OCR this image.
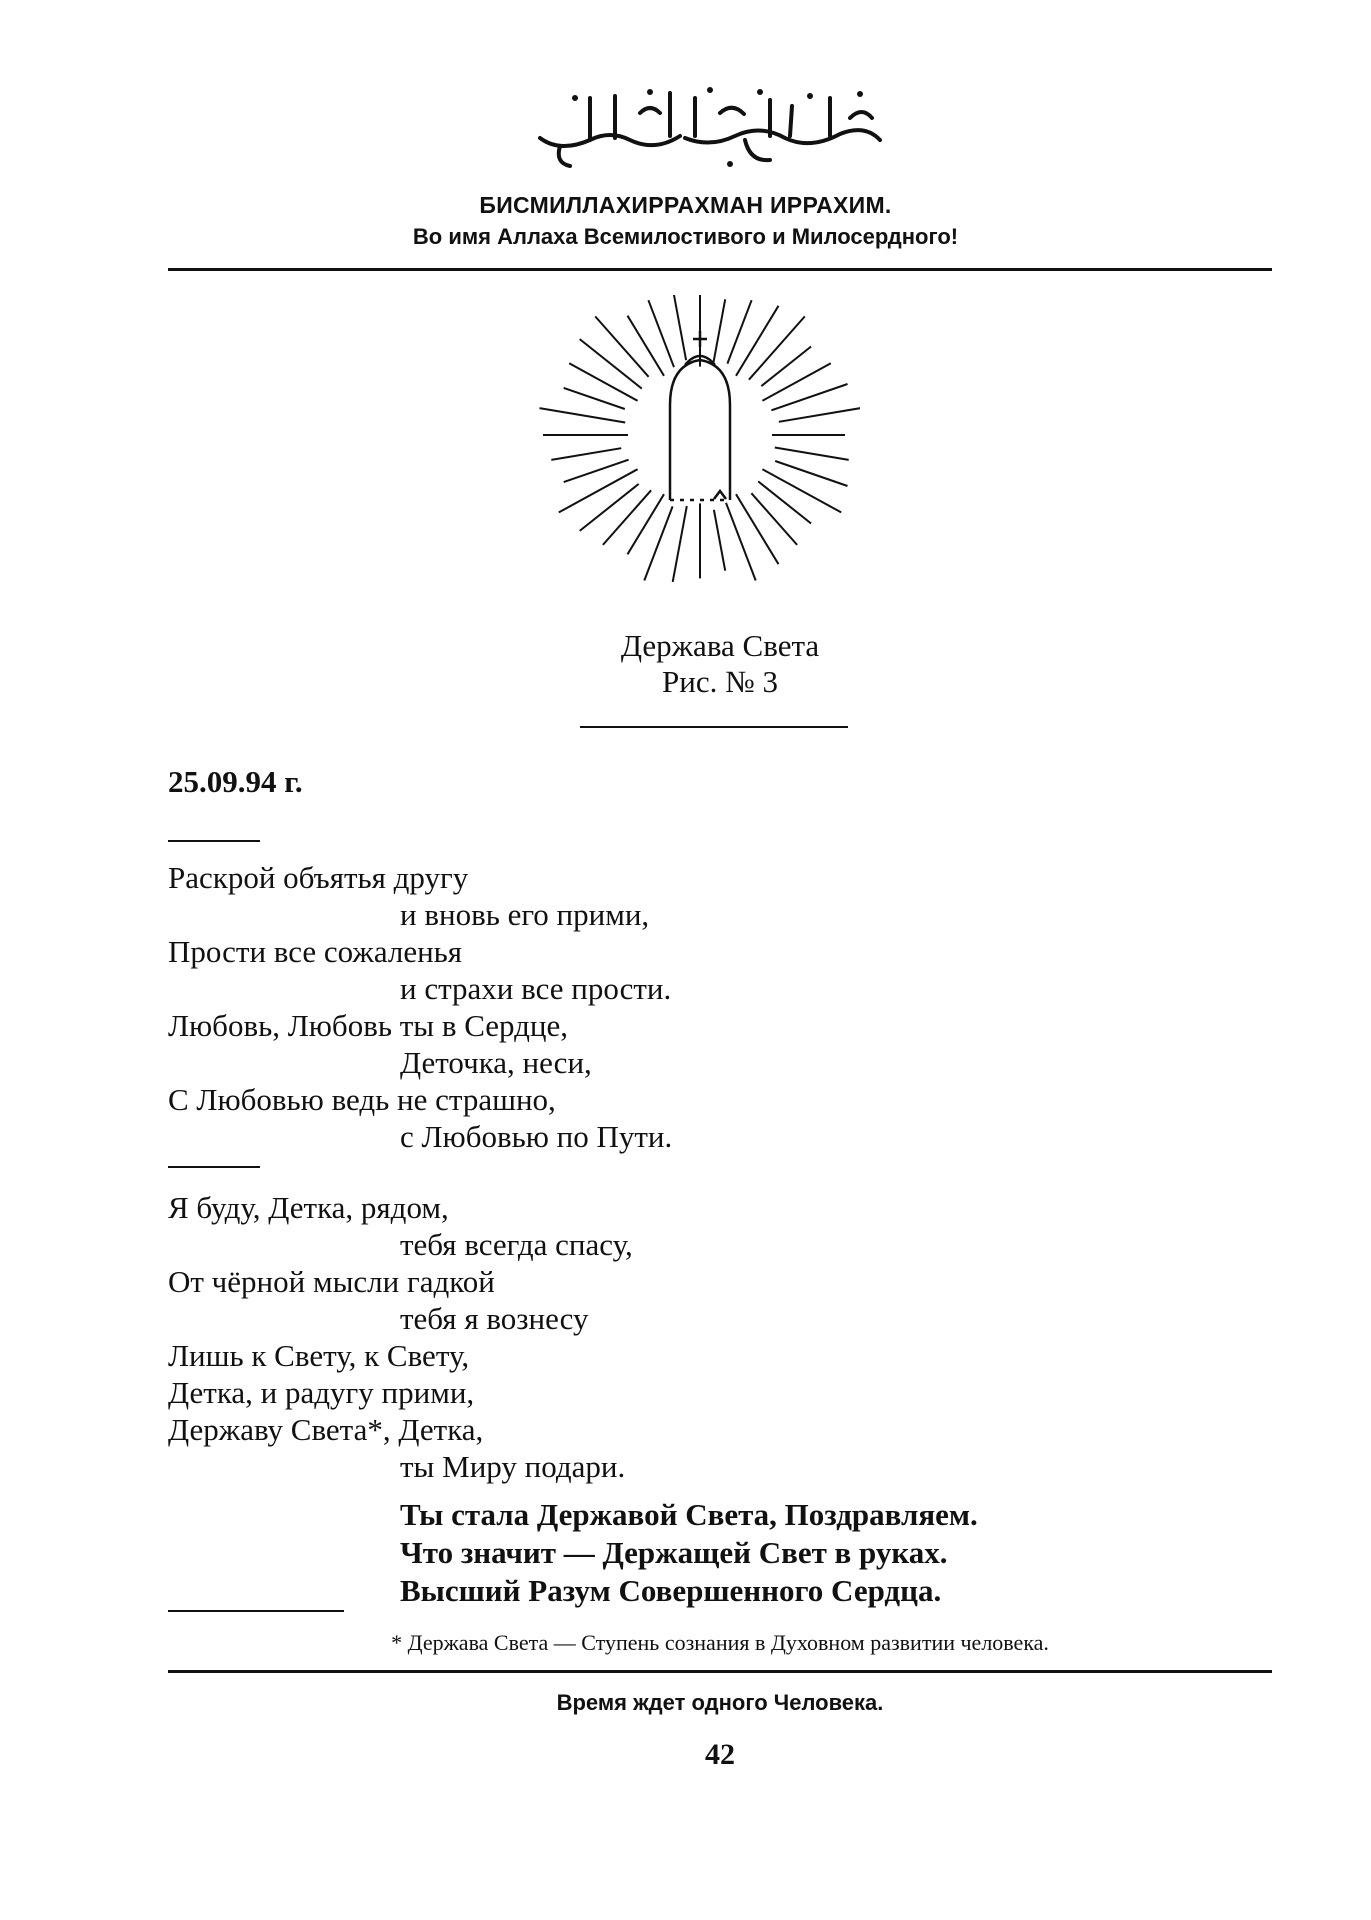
БИСМИЛЛАХИРРАХМАН ИРРАХИМ.
Во имя Аллаха Всемилостивого и Милосердного!
Держава Света
Рис. № 3
25.09.94 г.
Раскрой объятья другу
и вновь его прими,
Прости все сожаленья
и страхи все прости.
Любовь, Любовь ты в Сердце,
Деточка, неси,
С Любовью ведь не страшно,
с Любовью по Пути.
Я буду, Детка, рядом,
тебя всегда спасу,
От чёрной мысли гадкой
тебя я вознесу
Лишь к Свету, к Свету,
Детка, и радугу прими,
Державу Света*, Детка,
ты Миру подари.
Ты стала Державой Света, Поздравляем.
Что значит — Держащей Свет в руках.
Высший Разум Совершенного Сердца.
* Держава Света — Ступень сознания в Духовном развитии человека.
Время ждет одного Человека.
42
